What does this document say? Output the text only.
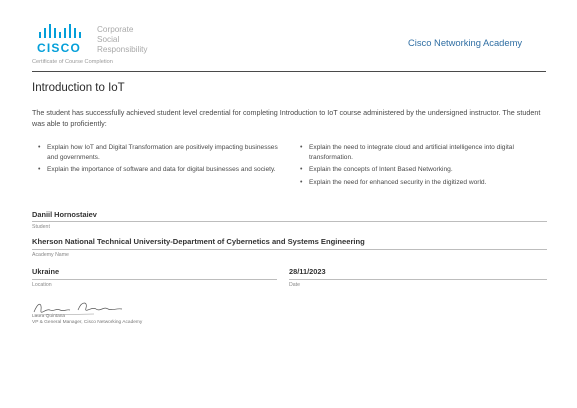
CISCO
Corporate
Social
Responsibility
Certificate of Course Completion
Cisco Networking Academy
Introduction to IoT
The student has successfully achieved student level credential for completing Introduction to IoT course administered by the undersigned instructor. The student was able to proficiently:
• Explain how IoT and Digital Transformation are positively impacting businesses and governments.
• Explain the importance of software and data for digital businesses and society.
• Explain the need to integrate cloud and artificial intelligence into digital transformation.
• Explain the concepts of Intent Based Networking.
• Explain the need for enhanced security in the digitized world.
Daniil Hornostaiev
Student
Kherson National Technical University-Department of Cybernetics and Systems Engineering
Academy Name
Ukraine
Location
28/11/2023
Date
Laura Quintana
VP & General Manager, Cisco Networking Academy
